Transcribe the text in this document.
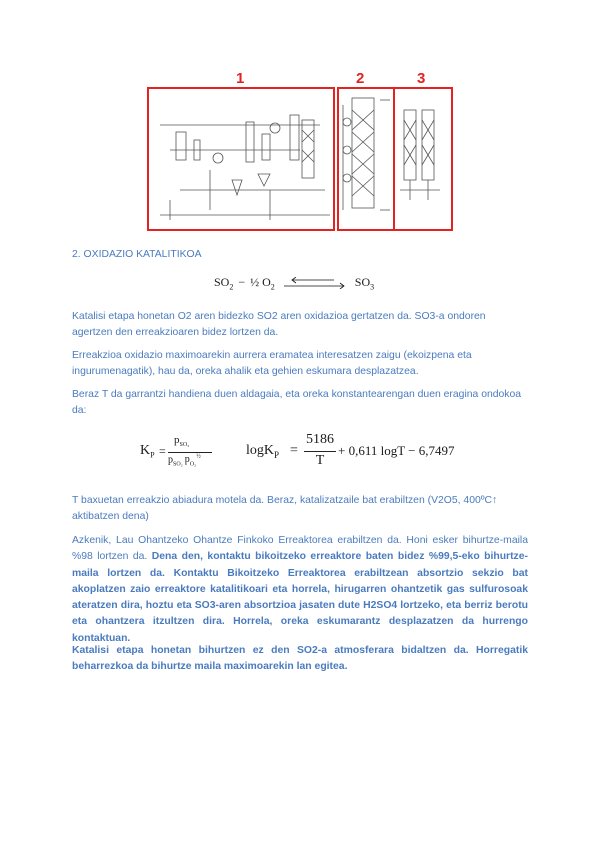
1	2	3
2. OXIDAZIO KATALITIKOA
$SO_2$ − ½ $O_2$	$SO_3$
Katalisi etapa honetan O2 aren bidezko SO2 aren oxidazioa gertatzen da. SO3-a ondoren agertzen den erreakzioaren bidez lortzen da.
Erreakzioa oxidazio maximoarekin aurrera eramatea interesatzen zaigu (ekoizpena eta ingurumenagatik), hau da, oreka ahalik eta gehien eskumara desplazatzea.
Beraz T da garrantzi handiena duen aldagaia, eta oreka konstantearengan duen eragina ondokoa da:
$K_P$ =
$p_{SO_3}$
$p_{SO_2}$ $p_{O_2}^{\frac{1}{2}}$	logK$_P$ =
5186
T
+ 0,611 logT − 6,7497
T baxuetan erreakzio abiadura motela da. Beraz, katalizatzaile bat erabiltzen (V2O5, 400ºC↑ aktibatzen dena)
Azkenik, Lau Ohantzeko Ohantze Finkoko Erreaktorea erabiltzen da. Honi esker bihurtze-maila %98 lortzen da. Dena den, kontaktu bikoitzeko erreaktore baten bidez %99,5-eko bihurtze-maila lortzen da. Kontaktu Bikoitzeko Erreaktorea erabiltzean absortzio sekzio bat akoplatzen zaio erreaktore katalitikoari eta horrela, hirugarren ohantzetik gas sulfurosoak ateratzen dira, hoztu eta SO3-aren absortzioa jasaten dute H2SO4 lortzeko, eta berriz berotu eta ohantzera itzultzen dira. Horrela, oreka eskumarantz desplazatzen da hurrengo kontaktuan.
Katalisi etapa honetan bihurtzen ez den SO2-a atmosferara bidaltzen da. Horregatik beharrezkoa da bihurtze maila maximoarekin lan egitea.
